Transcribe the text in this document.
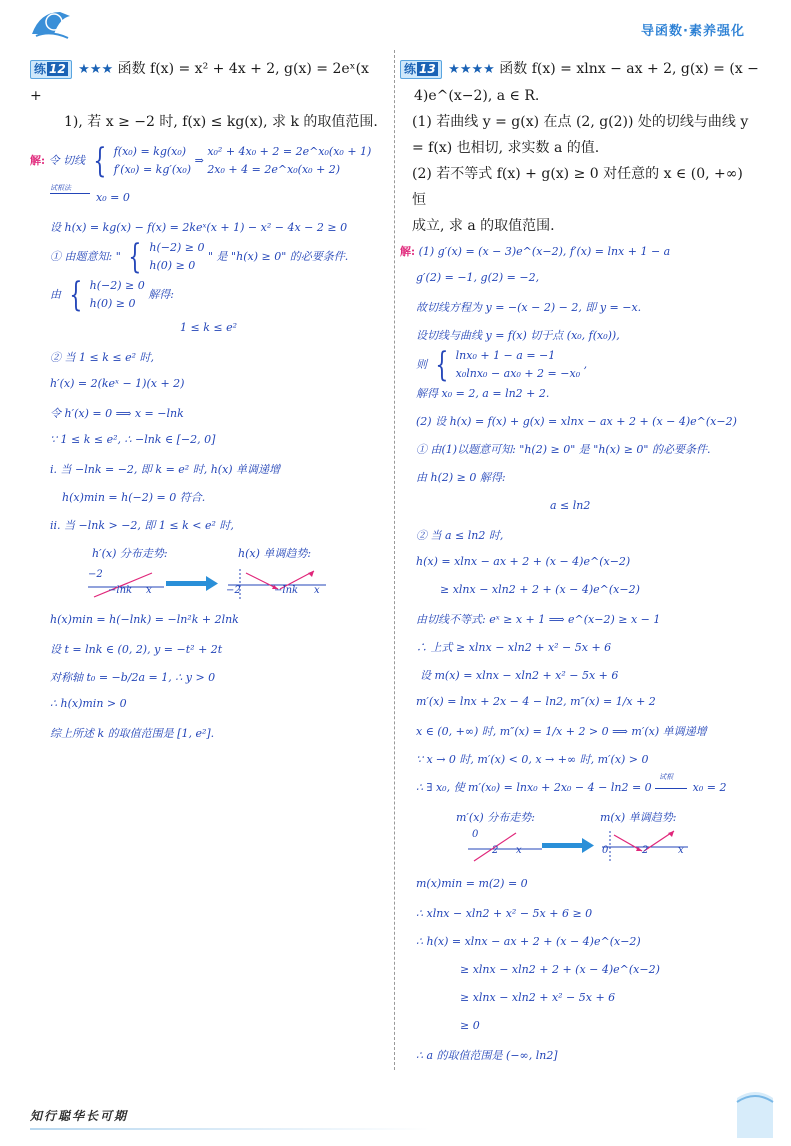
导函数·素养强化
练 12 ★★★ 函数 f(x) = x² + 4x + 2, g(x) = 2eˣ(x +
1), 若 x ≥ −2 时, f(x) ≤ kg(x), 求 k 的取值范围.
解: 令 切线 { f(x₀) = kg(x₀)
f′(x₀) = kg′(x₀) ⇒ x₀² + 4x₀ + 2 = 2e^x₀(x₀ + 1)
2x₀ + 4 = 2e^x₀(x₀ + 2)
试根法
x₀ = 0
设 h(x) = kg(x) − f(x) = 2keˣ(x + 1) − x² − 4x − 2 ≥ 0
① 由题意知: " { h(−2) ≥ 0
h(0) ≥ 0 " 是 "h(x) ≥ 0" 的必要条件.
由 { h(−2) ≥ 0
h(0) ≥ 0 解得:
1 ≤ k ≤ e²
② 当 1 ≤ k ≤ e² 时,
h′(x) = 2(keˣ − 1)(x + 2)
令 h′(x) = 0 ⟹ x = −lnk
∵ 1 ≤ k ≤ e², ∴ −lnk ∈ [−2, 0]
i. 当 −lnk = −2, 即 k = e² 时, h(x) 单调递增
h(x)min = h(−2) = 0 符合.
ii. 当 −lnk > −2, 即 1 ≤ k < e² 时,
h′(x) 分布走势:	h(x) 单调趋势:
−2
−lnk x	−2	−lnk x
h(x)min = h(−lnk) = −ln²k + 2lnk
设 t = lnk ∈ (0, 2), y = −t² + 2t
对称轴 t₀ = −b/2a = 1, ∴ y > 0
∴ h(x)min > 0
综上所述 k 的取值范围是 [1, e²].
练 13 ★★★★ 函数 f(x) = xlnx − ax + 2, g(x) = (x −
4)e^(x−2), a ∈ R.
(1) 若曲线 y = g(x) 在点 (2, g(2)) 处的切线与曲线 y
= f(x) 也相切, 求实数 a 的值.
(2) 若不等式 f(x) + g(x) ≥ 0 对任意的 x ∈ (0, +∞) 恒
成立, 求 a 的取值范围.
解: (1) g′(x) = (x − 3)e^(x−2), f′(x) = lnx + 1 − a
g′(2) = −1, g(2) = −2,
故切线方程为 y = −(x − 2) − 2, 即 y = −x.
设切线与曲线 y = f(x) 切于点 (x₀, f(x₀)),
则 { lnx₀ + 1 − a = −1
x₀lnx₀ − ax₀ + 2 = −x₀ ,
解得 x₀ = 2, a = ln2 + 2.
(2) 设 h(x) = f(x) + g(x) = xlnx − ax + 2 + (x − 4)e^(x−2)
① 由(1)以题意可知: "h(2) ≥ 0" 是 "h(x) ≥ 0" 的必要条件.
由 h(2) ≥ 0 解得:
a ≤ ln2
② 当 a ≤ ln2 时,
h(x) = xlnx − ax + 2 + (x − 4)e^(x−2)
≥ xlnx − xln2 + 2 + (x − 4)e^(x−2)
由切线不等式: eˣ ≥ x + 1 ⟹ e^(x−2) ≥ x − 1
∴ 上式 ≥ xlnx − xln2 + x² − 5x + 6
设 m(x) = xlnx − xln2 + x² − 5x + 6
m′(x) = lnx + 2x − 4 − ln2, m″(x) = 1/x + 2
x ∈ (0, +∞) 时, m″(x) = 1/x + 2 > 0 ⟹ m′(x) 单调递增
∵ x → 0 时, m′(x) < 0, x → +∞ 时, m′(x) > 0
∴ ∃ x₀, 使 m′(x₀) = lnx₀ + 2x₀ − 4 − ln2 = 0
试根
x₀ = 2
m′(x) 分布走势:	m(x) 单调趋势:
0
2 x	0	2	x
m(x)min = m(2) = 0
∴ xlnx − xln2 + x² − 5x + 6 ≥ 0
∴ h(x) = xlnx − ax + 2 + (x − 4)e^(x−2)
≥ xlnx − xln2 + 2 + (x − 4)e^(x−2)
≥ xlnx − xln2 + x² − 5x + 6
≥ 0
∴ a 的取值范围是 (−∞, ln2]
知行聪华长可期
